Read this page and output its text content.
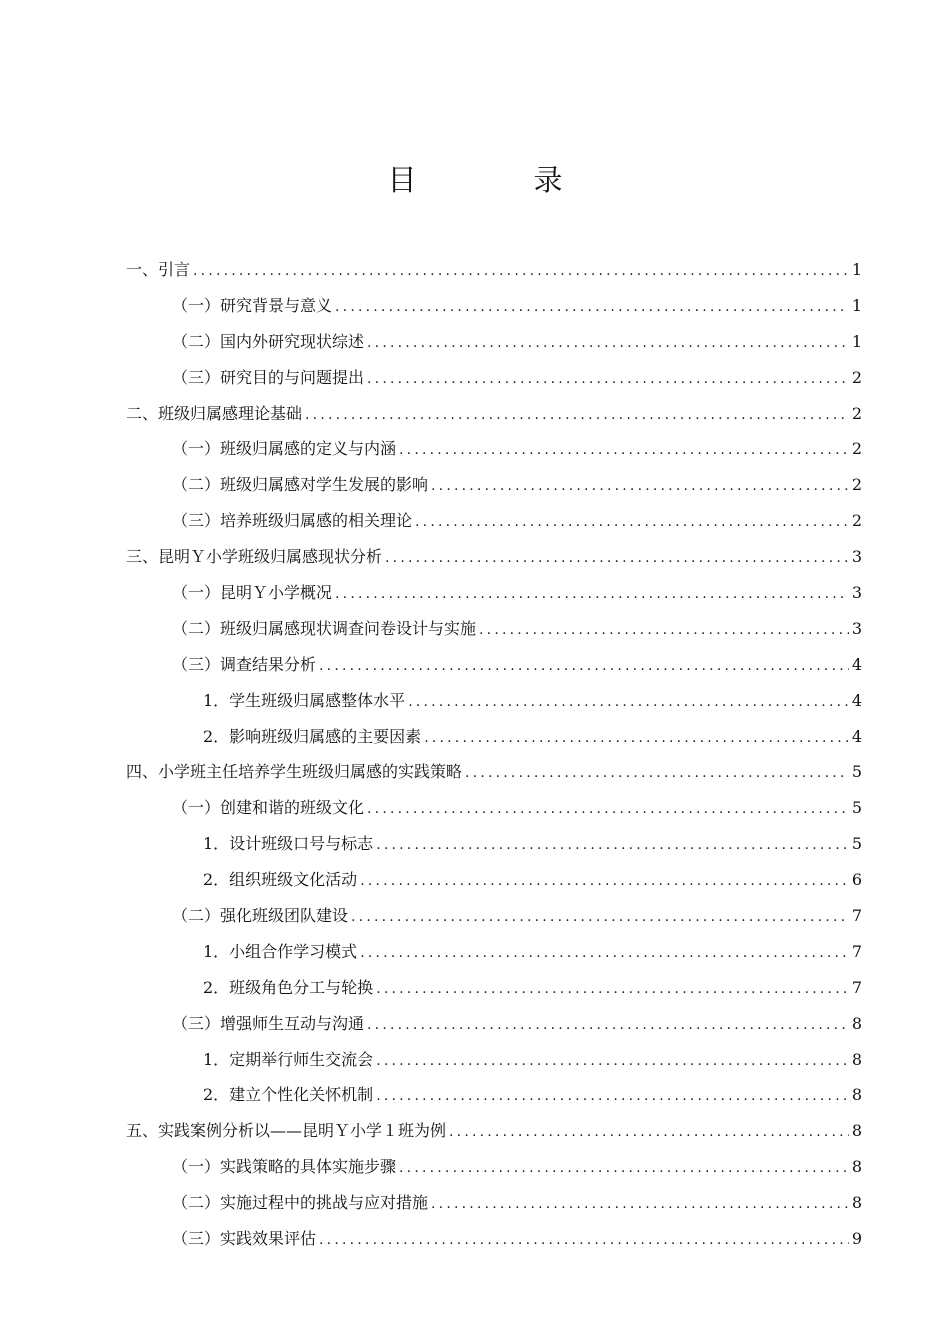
目　录
一、引言 .....	1
（一）研究背景与意义 .....	1
（二）国内外研究现状综述 .....	1
（三）研究目的与问题提出 .....	2
二、班级归属感理论基础 .....	2
（一）班级归属感的定义与内涵 .....	2
（二）班级归属感对学生发展的影响 .....	2
（三）培养班级归属感的相关理论 .....	2
三、昆明Ｙ小学班级归属感现状分析 .....	3
（一）昆明Ｙ小学概况 .....	3
（二）班级归属感现状调查问卷设计与实施 .....	3
（三）调查结果分析 .....	4
1．学生班级归属感整体水平 .....	4
2．影响班级归属感的主要因素 .....	4
四、小学班主任培养学生班级归属感的实践策略 .....	5
（一）创建和谐的班级文化 .....	5
1．设计班级口号与标志 .....	5
2．组织班级文化活动 .....	6
（二）强化班级团队建设 .....	7
1．小组合作学习模式 .....	7
2．班级角色分工与轮换 .....	7
（三）增强师生互动与沟通 .....	8
1．定期举行师生交流会 .....	8
2．建立个性化关怀机制 .....	8
五、实践案例分析以——昆明Ｙ小学１班为例 .....	8
（一）实践策略的具体实施步骤 .....	8
（二）实施过程中的挑战与应对措施 .....	8
（三）实践效果评估 .....	9
